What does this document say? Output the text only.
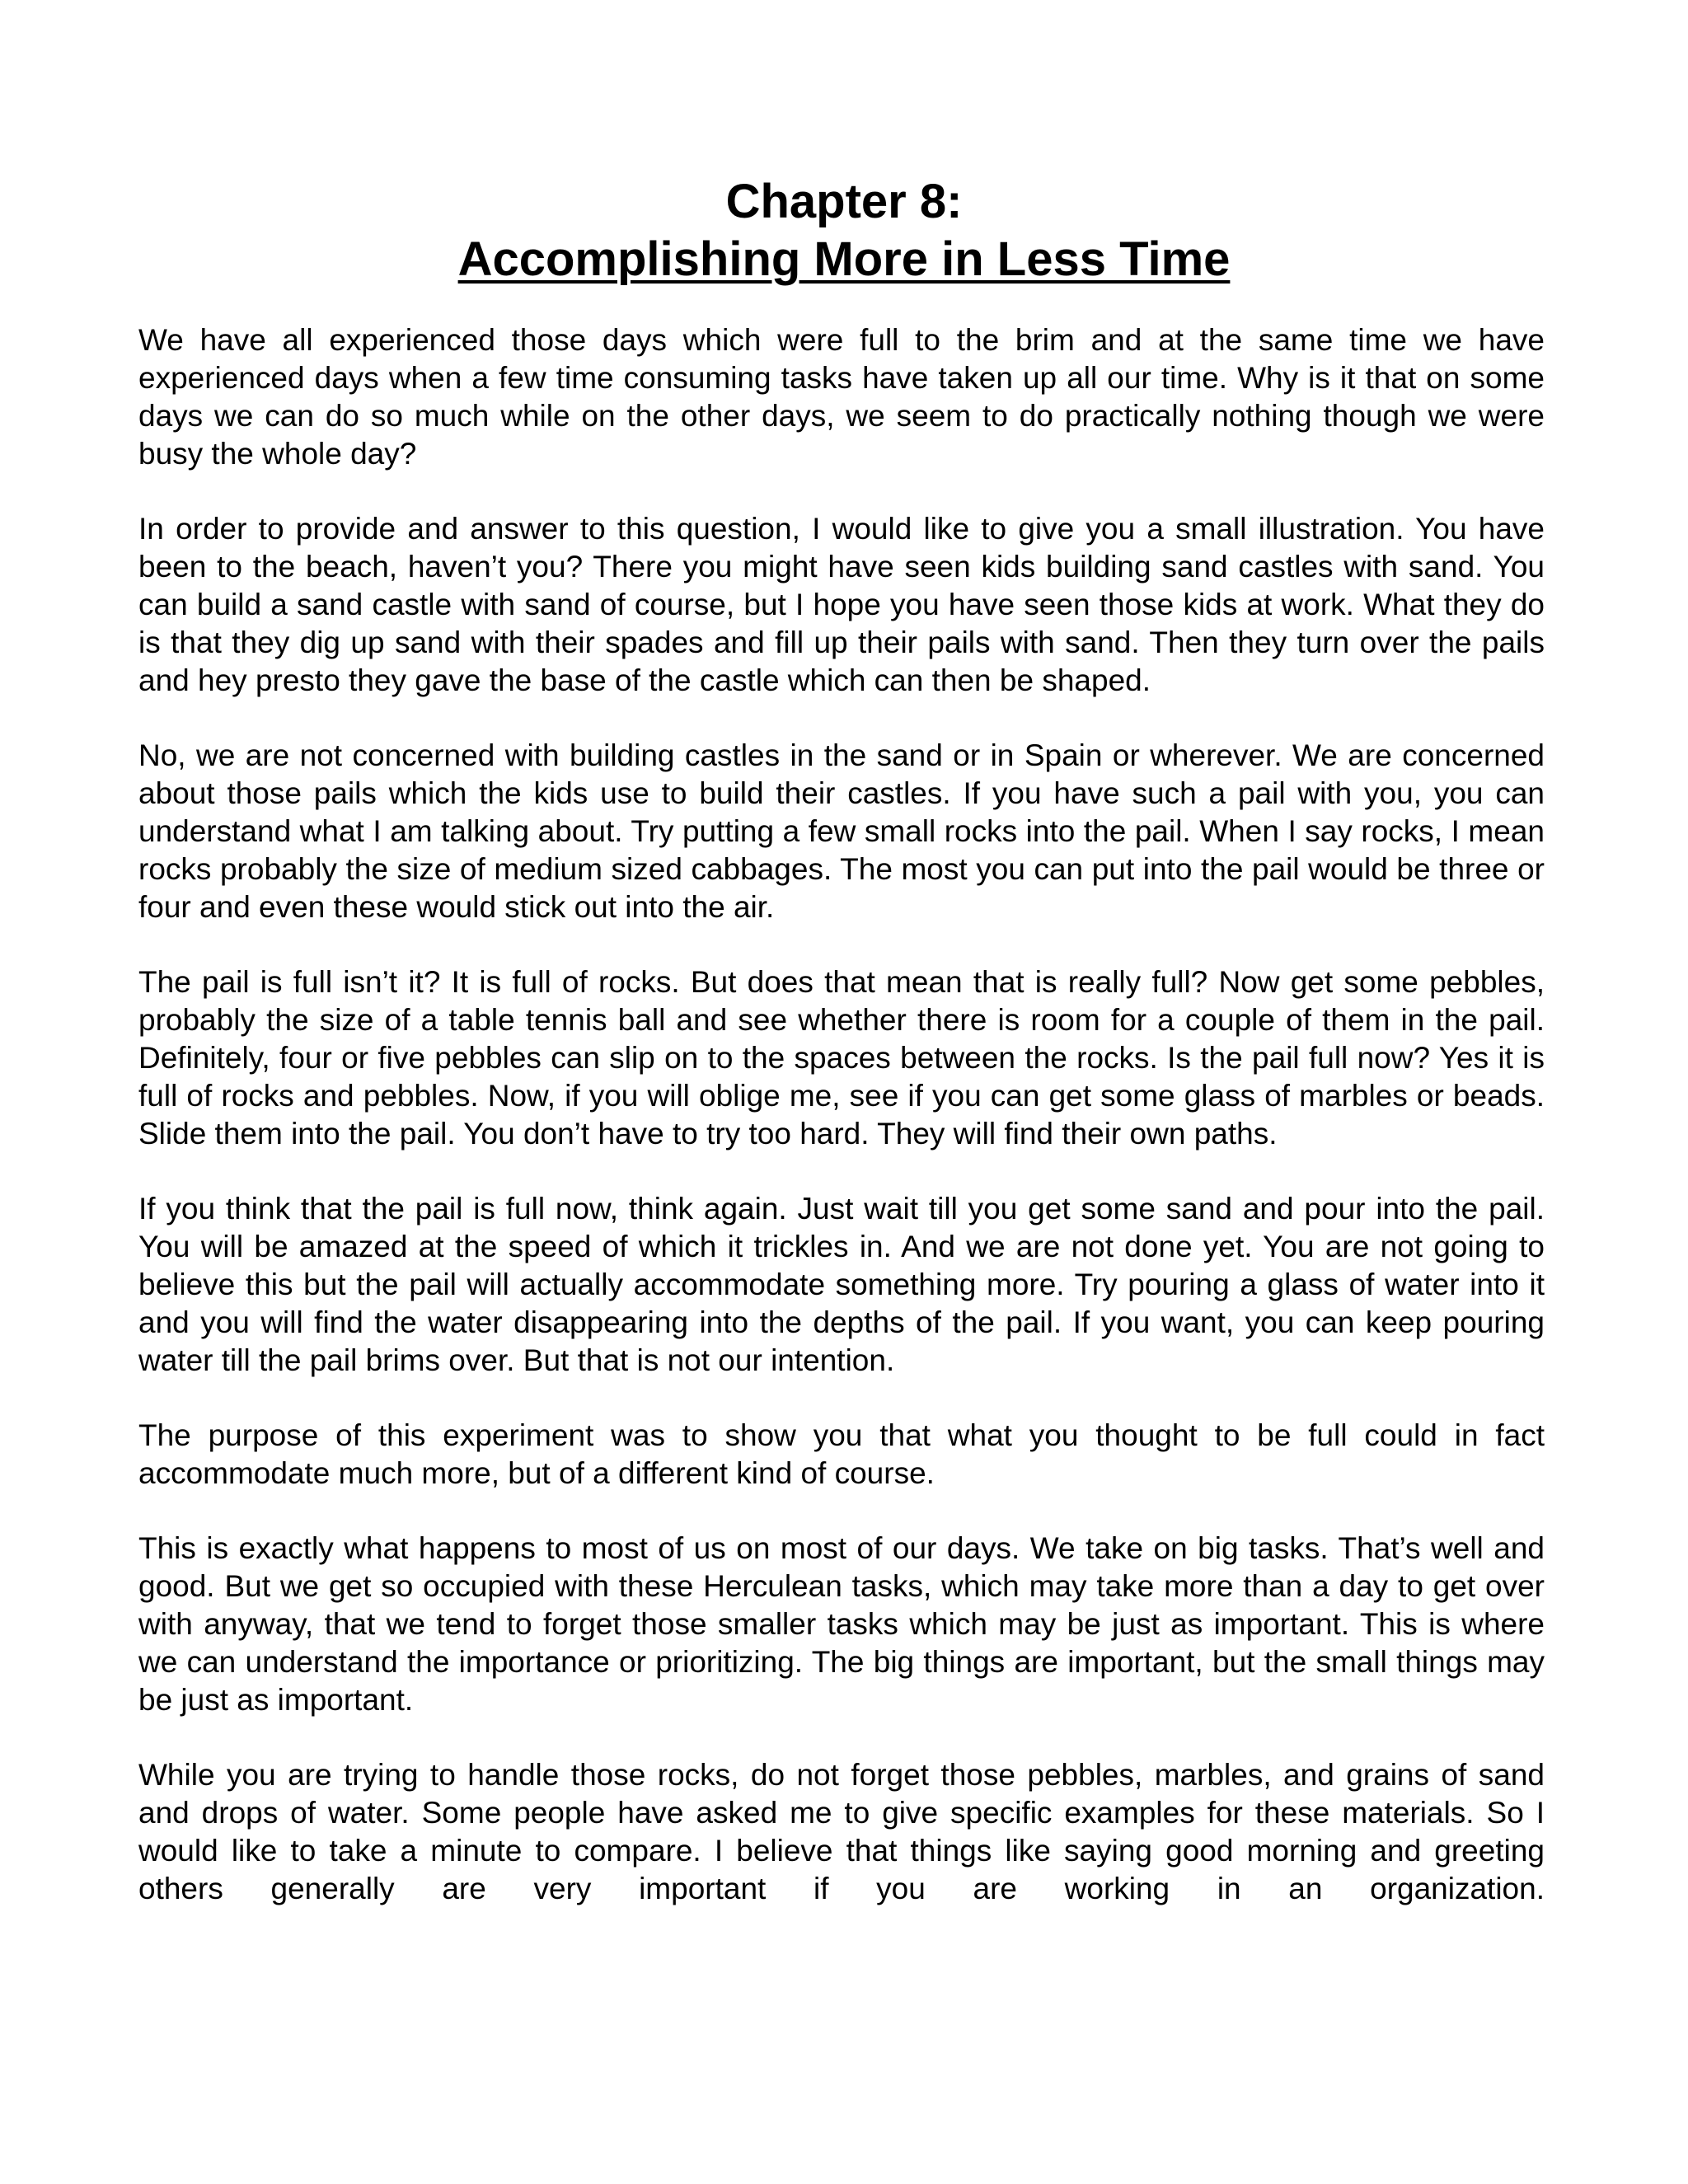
Chapter 8:
Accomplishing More in Less Time

We have all experienced those days which were full to the brim and at the same time we have experienced days when a few time consuming tasks have taken up all our time. Why is it that on some days we can do so much while on the other days, we seem to do practically nothing though we were busy the whole day?

In order to provide and answer to this question, I would like to give you a small illustration. You have been to the beach, haven’t you? There you might have seen kids building sand castles with sand. You can build a sand castle with sand of course, but I hope you have seen those kids at work. What they do is that they dig up sand with their spades and fill up their pails with sand. Then they turn over the pails and hey presto they gave the base of the castle which can then be shaped.

No, we are not concerned with building castles in the sand or in Spain or wherever. We are concerned about those pails which the kids use to build their castles. If you have such a pail with you, you can understand what I am talking about. Try putting a few small rocks into the pail. When I say rocks, I mean rocks probably the size of medium sized cabbages. The most you can put into the pail would be three or four and even these would stick out into the air.

The pail is full isn’t it? It is full of rocks. But does that mean that is really full? Now get some pebbles, probably the size of a table tennis ball and see whether there is room for a couple of them in the pail. Definitely, four or five pebbles can slip on to the spaces between the rocks. Is the pail full now? Yes it is full of rocks and pebbles. Now, if you will oblige me, see if you can get some glass of marbles or beads. Slide them into the pail. You don’t have to try too hard. They will find their own paths.

If you think that the pail is full now, think again. Just wait till you get some sand and pour into the pail. You will be amazed at the speed of which it trickles in. And we are not done yet. You are not going to believe this but the pail will actually accommodate something more. Try pouring a glass of water into it and you will find the water disappearing into the depths of the pail. If you want, you can keep pouring water till the pail brims over. But that is not our intention.

The purpose of this experiment was to show you that what you thought to be full could in fact accommodate much more, but of a different kind of course.

This is exactly what happens to most of us on most of our days. We take on big tasks. That’s well and good. But we get so occupied with these Herculean tasks, which may take more than a day to get over with anyway, that we tend to forget those smaller tasks which may be just as important. This is where we can understand the importance or prioritizing. The big things are important, but the small things may be just as important.

While you are trying to handle those rocks, do not forget those pebbles, marbles, and grains of sand and drops of water. Some people have asked me to give specific examples for these materials. So I would like to take a minute to compare. I believe that things like saying good morning and greeting others generally are very important if you are working in an organization.
